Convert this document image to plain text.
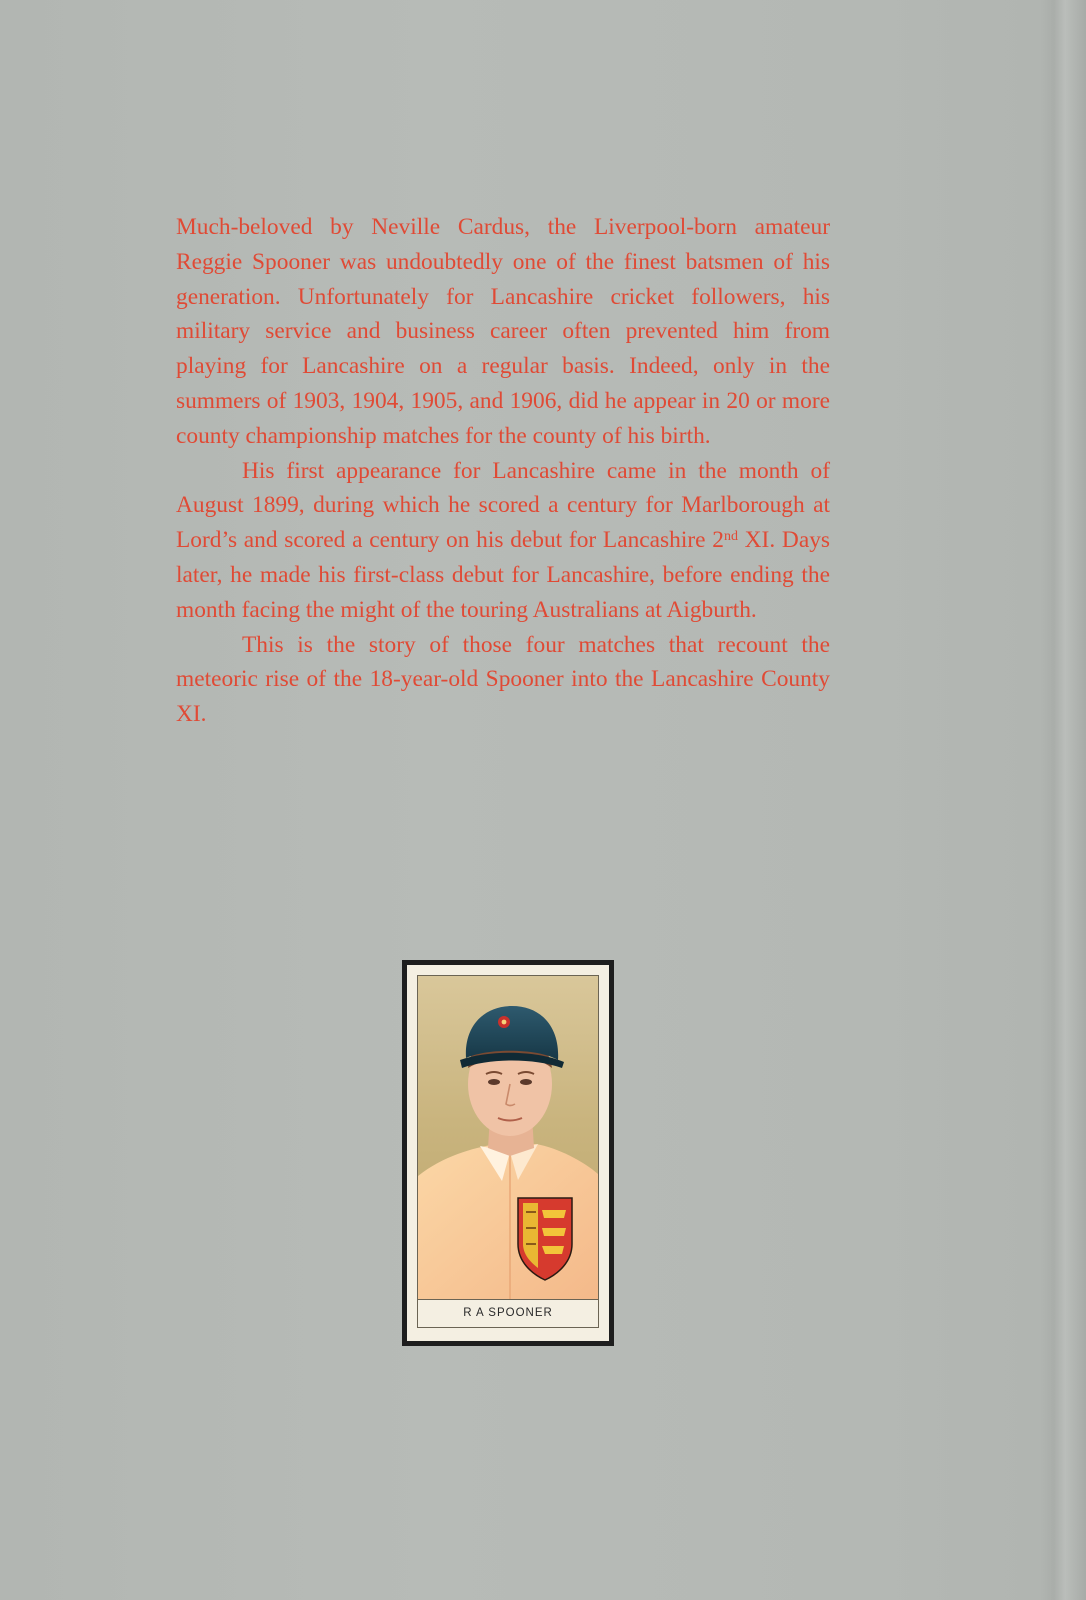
Much-beloved by Neville Cardus, the Liverpool-born amateur Reggie Spooner was undoubtedly one of the finest batsmen of his generation. Unfortunately for Lancashire cricket followers, his military service and business career often prevented him from playing for Lancashire on a regular basis. Indeed, only in the summers of 1903, 1904, 1905, and 1906, did he appear in 20 or more county championship matches for the county of his birth.

His first appearance for Lancashire came in the month of August 1899, during which he scored a century for Marlborough at Lord’s and scored a century on his debut for Lancashire 2nd XI. Days later, he made his first-class debut for Lancashire, before ending the month facing the might of the touring Australians at Aigburth.

This is the story of those four matches that recount the meteoric rise of the 18-year-old Spooner into the Lancashire County XI.

R A SPOONER
